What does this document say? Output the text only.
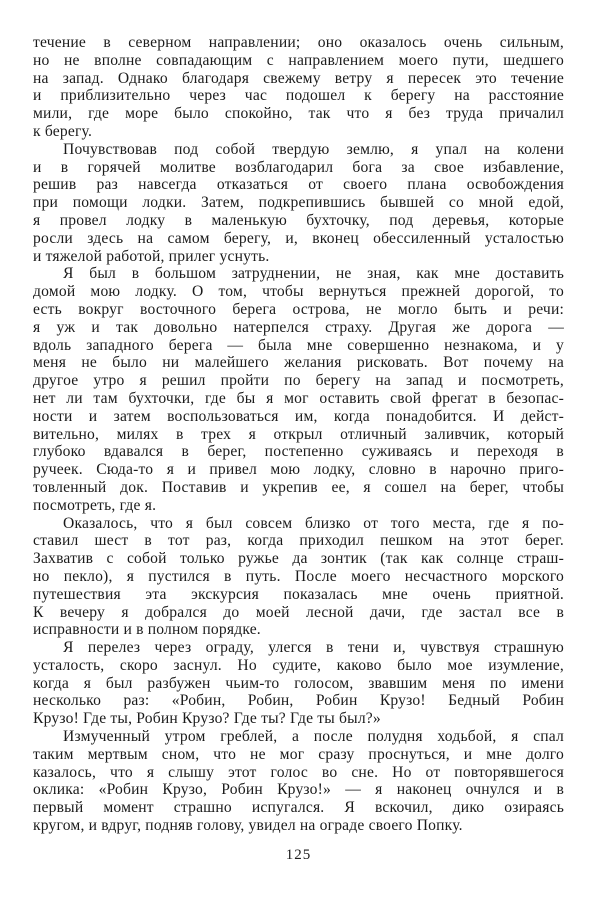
течение в северном направлении; оно оказалось очень сильным,
но не вполне совпадающим с направлением моего пути, шедшего
на запад. Однако благодаря свежему ветру я пересек это течение
и приблизительно через час подошел к берегу на расстояние
мили, где море было спокойно, так что я без труда причалил
к берегу.
Почувствовав под собой твердую землю, я упал на колени
и в горячей молитве возблагодарил бога за свое избавление,
решив раз навсегда отказаться от своего плана освобождения
при помощи лодки. Затем, подкрепившись бывшей со мной едой,
я провел лодку в маленькую бухточку, под деревья, которые
росли здесь на самом берегу, и, вконец обессиленный усталостью
и тяжелой работой, прилег уснуть.
Я был в большом затруднении, не зная, как мне доставить
домой мою лодку. О том, чтобы вернуться прежней дорогой, то
есть вокруг восточного берега острова, не могло быть и речи:
я уж и так довольно натерпелся страху. Другая же дорога —
вдоль западного берега — была мне совершенно незнакома, и у
меня не было ни малейшего желания рисковать. Вот почему на
другое утро я решил пройти по берегу на запад и посмотреть,
нет ли там бухточки, где бы я мог оставить свой фрегат в безопас-
ности и затем воспользоваться им, когда понадобится. И дейст-
вительно, милях в трех я открыл отличный заливчик, который
глубоко вдавался в берег, постепенно суживаясь и переходя в
ручеек. Сюда-то я и привел мою лодку, словно в нарочно приго-
товленный док. Поставив и укрепив ее, я сошел на берег, чтобы
посмотреть, где я.
Оказалось, что я был совсем близко от того места, где я по-
ставил шест в тот раз, когда приходил пешком на этот берег.
Захватив с собой только ружье да зонтик (так как солнце страш-
но пекло), я пустился в путь. После моего несчастного морского
путешествия эта экскурсия показалась мне очень приятной.
К вечеру я добрался до моей лесной дачи, где застал все в
исправности и в полном порядке.
Я перелез через ограду, улегся в тени и, чувствуя страшную
усталость, скоро заснул. Но судите, каково было мое изумление,
когда я был разбужен чьим-то голосом, звавшим меня по имени
несколько раз: «Робин, Робин, Робин Крузо! Бедный Робин
Крузо! Где ты, Робин Крузо? Где ты? Где ты был?»
Измученный утром греблей, а после полудня ходьбой, я спал
таким мертвым сном, что не мог сразу проснуться, и мне долго
казалось, что я слышу этот голос во сне. Но от повторявшегося
оклика: «Робин Крузо, Робин Крузо!» — я наконец очнулся и в
первый момент страшно испугался. Я вскочил, дико озираясь
кругом, и вдруг, подняв голову, увидел на ограде своего Попку.
125
